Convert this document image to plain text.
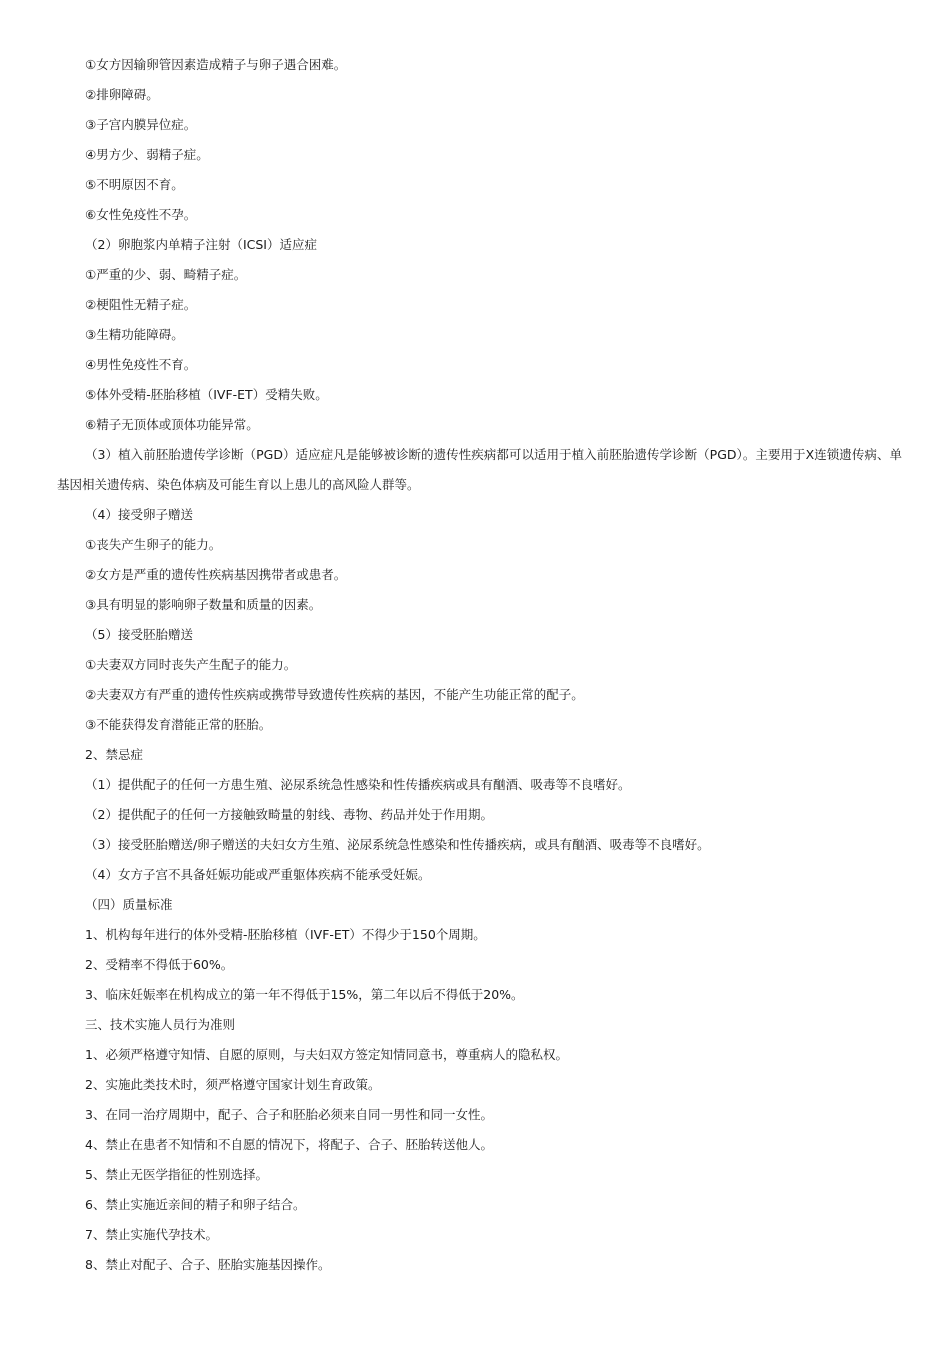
①女方因输卵管因素造成精子与卵子遇合困难。
②排卵障碍。
③子宫内膜异位症。
④男方少、弱精子症。
⑤不明原因不育。
⑥女性免疫性不孕。
（2）卵胞浆内单精子注射（ICSI）适应症
①严重的少、弱、畸精子症。
②梗阻性无精子症。
③生精功能障碍。
④男性免疫性不育。
⑤体外受精-胚胎移植（IVF-ET）受精失败。
⑥精子无顶体或顶体功能异常。
（3）植入前胚胎遗传学诊断（PGD）适应症凡是能够被诊断的遗传性疾病都可以适用于植入前胚胎遗传学诊断（PGD）。主要用于X连锁遗传病、单基因相关遗传病、染色体病及可能生育以上患儿的高风险人群等。
（4）接受卵子赠送
①丧失产生卵子的能力。
②女方是严重的遗传性疾病基因携带者或患者。
③具有明显的影响卵子数量和质量的因素。
（5）接受胚胎赠送
①夫妻双方同时丧失产生配子的能力。
②夫妻双方有严重的遗传性疾病或携带导致遗传性疾病的基因，不能产生功能正常的配子。
③不能获得发育潜能正常的胚胎。
2、禁忌症
（1）提供配子的任何一方患生殖、泌尿系统急性感染和性传播疾病或具有酗酒、吸毒等不良嗜好。
（2）提供配子的任何一方接触致畸量的射线、毒物、药品并处于作用期。
（3）接受胚胎赠送/卵子赠送的夫妇女方生殖、泌尿系统急性感染和性传播疾病，或具有酗酒、吸毒等不良嗜好。
（4）女方子宫不具备妊娠功能或严重躯体疾病不能承受妊娠。
（四）质量标准
1、机构每年进行的体外受精-胚胎移植（IVF-ET）不得少于150个周期。
2、受精率不得低于60%。
3、临床妊娠率在机构成立的第一年不得低于15%，第二年以后不得低于20%。
三、技术实施人员行为准则
1、必须严格遵守知情、自愿的原则，与夫妇双方签定知情同意书，尊重病人的隐私权。
2、实施此类技术时，须严格遵守国家计划生育政策。
3、在同一治疗周期中，配子、合子和胚胎必须来自同一男性和同一女性。
4、禁止在患者不知情和不自愿的情况下，将配子、合子、胚胎转送他人。
5、禁止无医学指征的性别选择。
6、禁止实施近亲间的精子和卵子结合。
7、禁止实施代孕技术。
8、禁止对配子、合子、胚胎实施基因操作。
